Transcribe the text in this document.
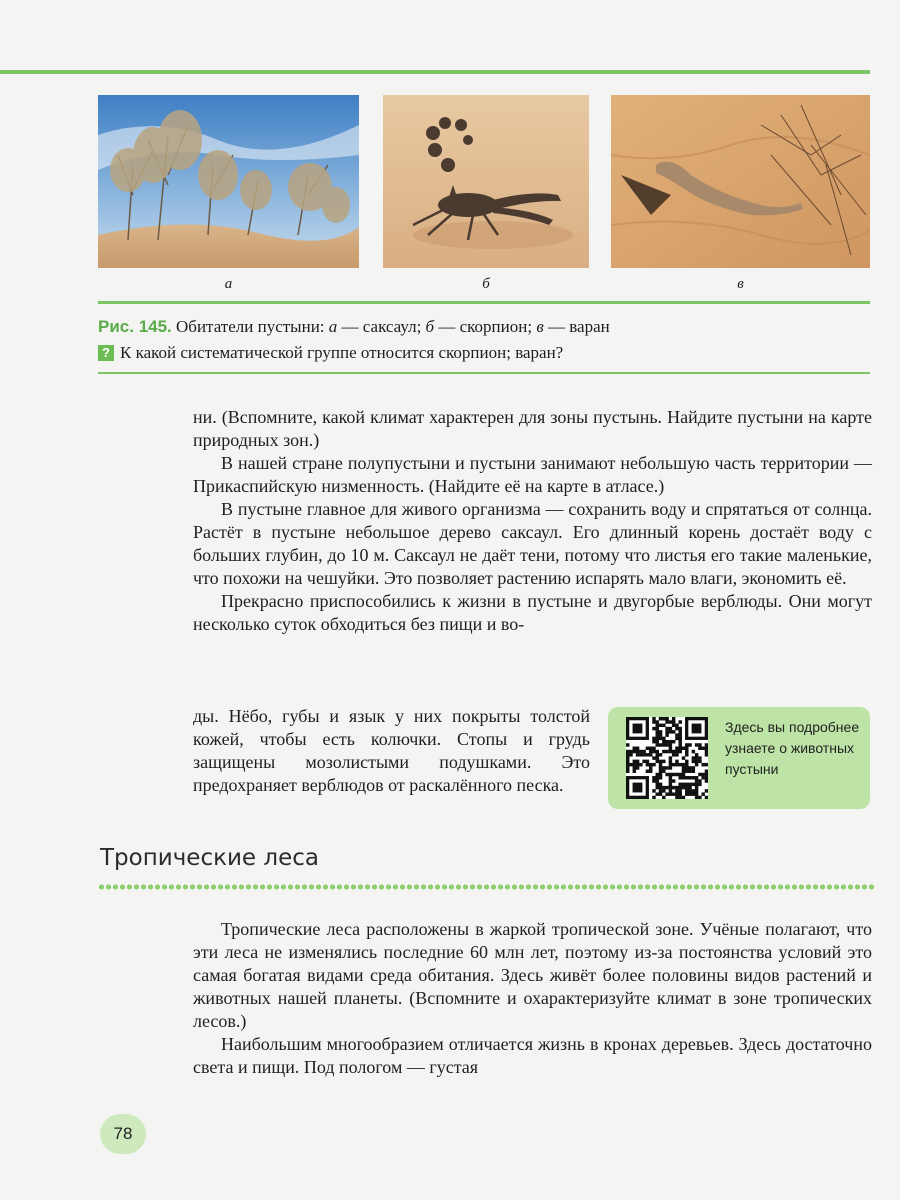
а	б	в
Рис. 145. Обитатели пустыни: а — саксаул; б — скорпион; в — варан
? К какой систематической группе относится скорпион; варан?

ни. (Вспомните, какой климат характерен для зоны пустынь. Найдите пустыни на карте природных зон.)

В нашей стране полупустыни и пустыни занимают небольшую часть территории — Прикаспийскую низменность. (Найдите её на карте в атласе.)

В пустыне главное для живого организма — сохранить воду и спрятаться от солнца. Растёт в пустыне небольшое дерево саксаул. Его длинный корень достаёт воду с больших глубин, до 10 м. Саксаул не даёт тени, потому что листья его такие маленькие, что похожи на чешуйки. Это позволяет растению испарять мало влаги, экономить её.

Прекрасно приспособились к жизни в пустыне и двугорбые верблюды. Они могут несколько суток обходиться без пищи и во-

ды. Нёбо, губы и язык у них покрыты толстой кожей, чтобы есть колючки. Стопы и грудь защищены мозолистыми подушками. Это предохраняет верблюдов от раскалённого песка.

Здесь вы подробнее узнаете о животных пустыни
Тропические леса

Тропические леса расположены в жаркой тропической зоне. Учёные полагают, что эти леса не изменялись последние 60 млн лет, поэтому из-за постоянства условий это самая богатая видами среда обитания. Здесь живёт более половины видов растений и животных нашей планеты. (Вспомните и охарактеризуйте климат в зоне тропических лесов.)

Наибольшим многообразием отличается жизнь в кронах деревьев. Здесь достаточно света и пищи. Под пологом — густая

78
